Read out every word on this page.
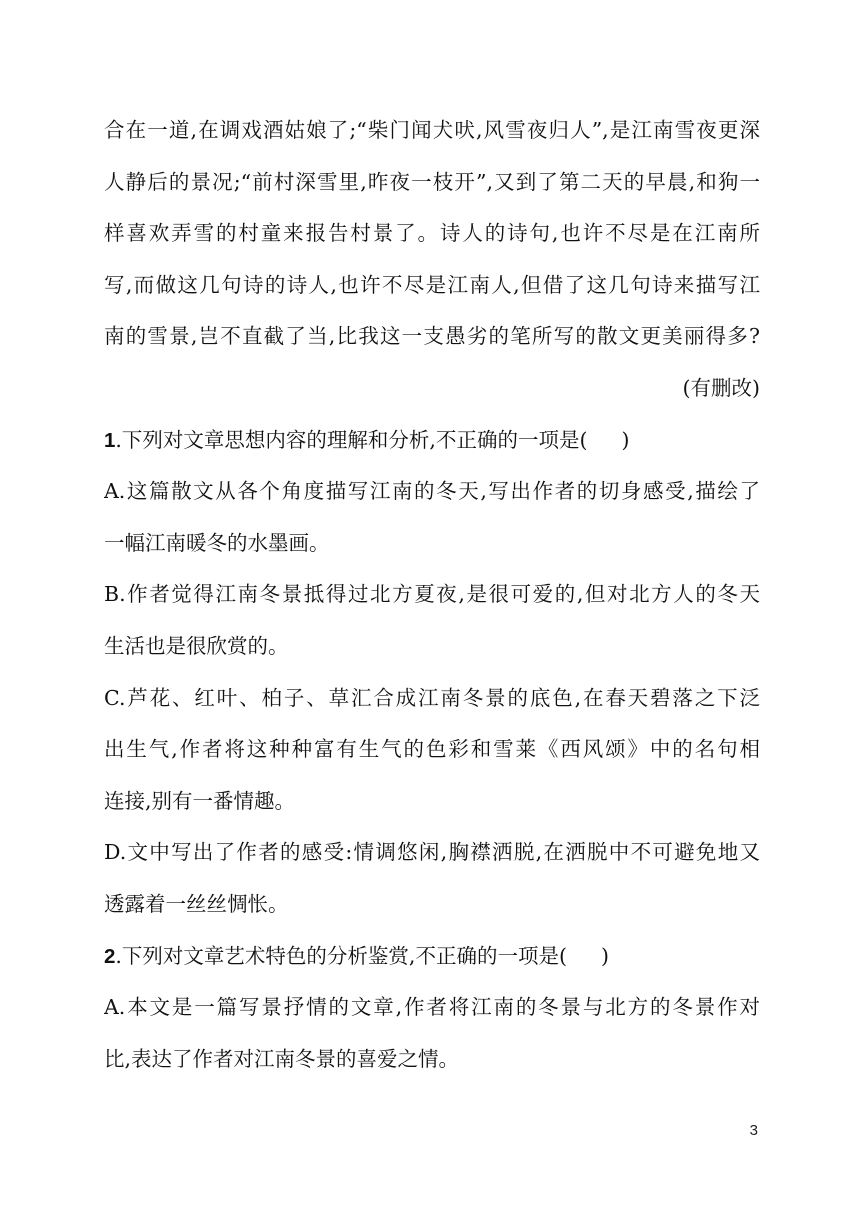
合在一道,在调戏酒姑娘了;“柴门闻犬吠,风雪夜归人”,是江南雪夜更深
人静后的景况;“前村深雪里,昨夜一枝开”,又到了第二天的早晨,和狗一
样喜欢弄雪的村童来报告村景了。诗人的诗句,也许不尽是在江南所
写,而做这几句诗的诗人,也许不尽是江南人,但借了这几句诗来描写江
南的雪景,岂不直截了当,比我这一支愚劣的笔所写的散文更美丽得多?
(有删改)
1.下列对文章思想内容的理解和分析,不正确的一项是( )
A.这篇散文从各个角度描写江南的冬天,写出作者的切身感受,描绘了
一幅江南暖冬的水墨画。
B.作者觉得江南冬景抵得过北方夏夜,是很可爱的,但对北方人的冬天
生活也是很欣赏的。
C.芦花、红叶、柏子、草汇合成江南冬景的底色,在春天碧落之下泛
出生气,作者将这种种富有生气的色彩和雪莱《西风颂》中的名句相
连接,别有一番情趣。
D.文中写出了作者的感受:情调悠闲,胸襟洒脱,在洒脱中不可避免地又
透露着一丝丝惆怅。
2.下列对文章艺术特色的分析鉴赏,不正确的一项是( )
A.本文是一篇写景抒情的文章,作者将江南的冬景与北方的冬景作对
比,表达了作者对江南冬景的喜爱之情。
3
